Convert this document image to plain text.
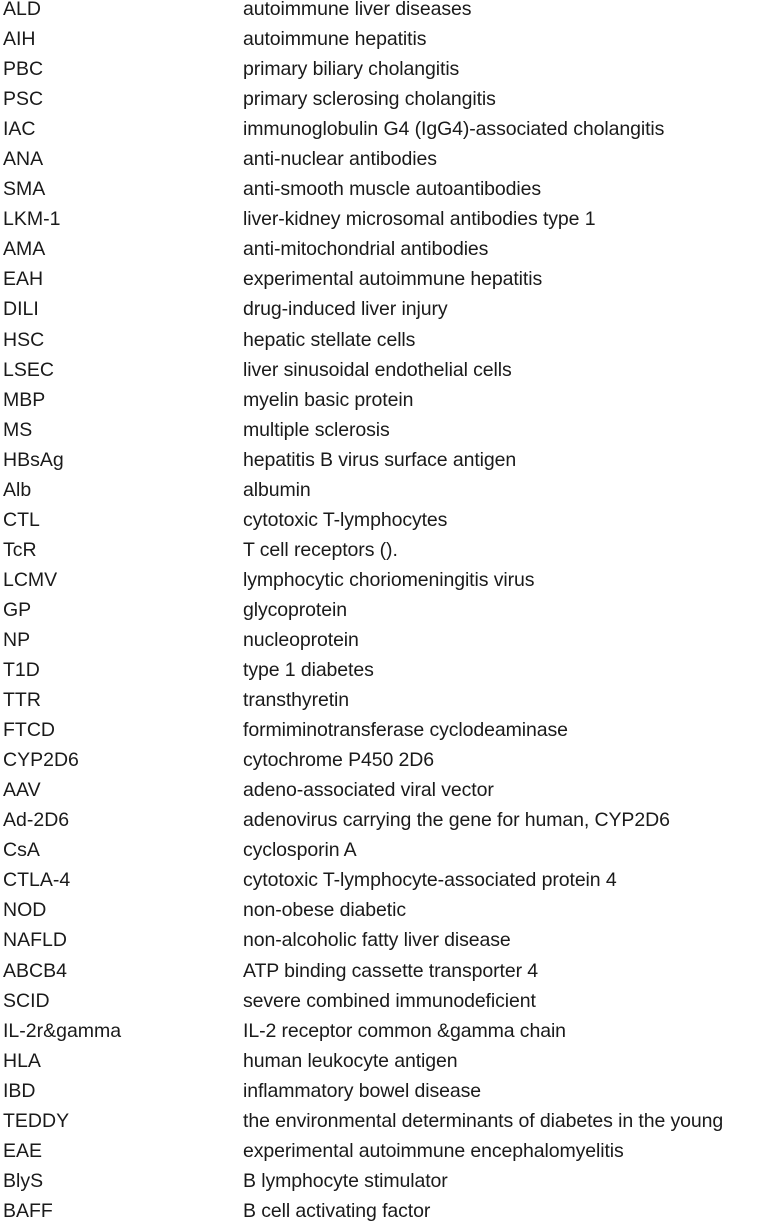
ALD	autoimmune liver diseases
AIH	autoimmune hepatitis
PBC	primary biliary cholangitis
PSC	primary sclerosing cholangitis
IAC	immunoglobulin G4 (IgG4)-associated cholangitis
ANA	anti-nuclear antibodies
SMA	anti-smooth muscle autoantibodies
LKM-1	liver-kidney microsomal antibodies type 1
AMA	anti-mitochondrial antibodies
EAH	experimental autoimmune hepatitis
DILI	drug-induced liver injury
HSC	hepatic stellate cells
LSEC	liver sinusoidal endothelial cells
MBP	myelin basic protein
MS	multiple sclerosis
HBsAg	hepatitis B virus surface antigen
Alb	albumin
CTL	cytotoxic T-lymphocytes
TcR	T cell receptors ().
LCMV	lymphocytic choriomeningitis virus
GP	glycoprotein
NP	nucleoprotein
T1D	type 1 diabetes
TTR	transthyretin
FTCD	formiminotransferase cyclodeaminase
CYP2D6	cytochrome P450 2D6
AAV	adeno-associated viral vector
Ad-2D6	adenovirus carrying the gene for human, CYP2D6
CsA	cyclosporin A
CTLA-4	cytotoxic T-lymphocyte-associated protein 4
NOD	non-obese diabetic
NAFLD	non-alcoholic fatty liver disease
ABCB4	ATP binding cassette transporter 4
SCID	severe combined immunodeficient
IL-2r&gamma	IL-2 receptor common &gamma chain
HLA	human leukocyte antigen
IBD	inflammatory bowel disease
TEDDY	the environmental determinants of diabetes in the young
EAE	experimental autoimmune encephalomyelitis
BlyS	B lymphocyte stimulator
BAFF	B cell activating factor
